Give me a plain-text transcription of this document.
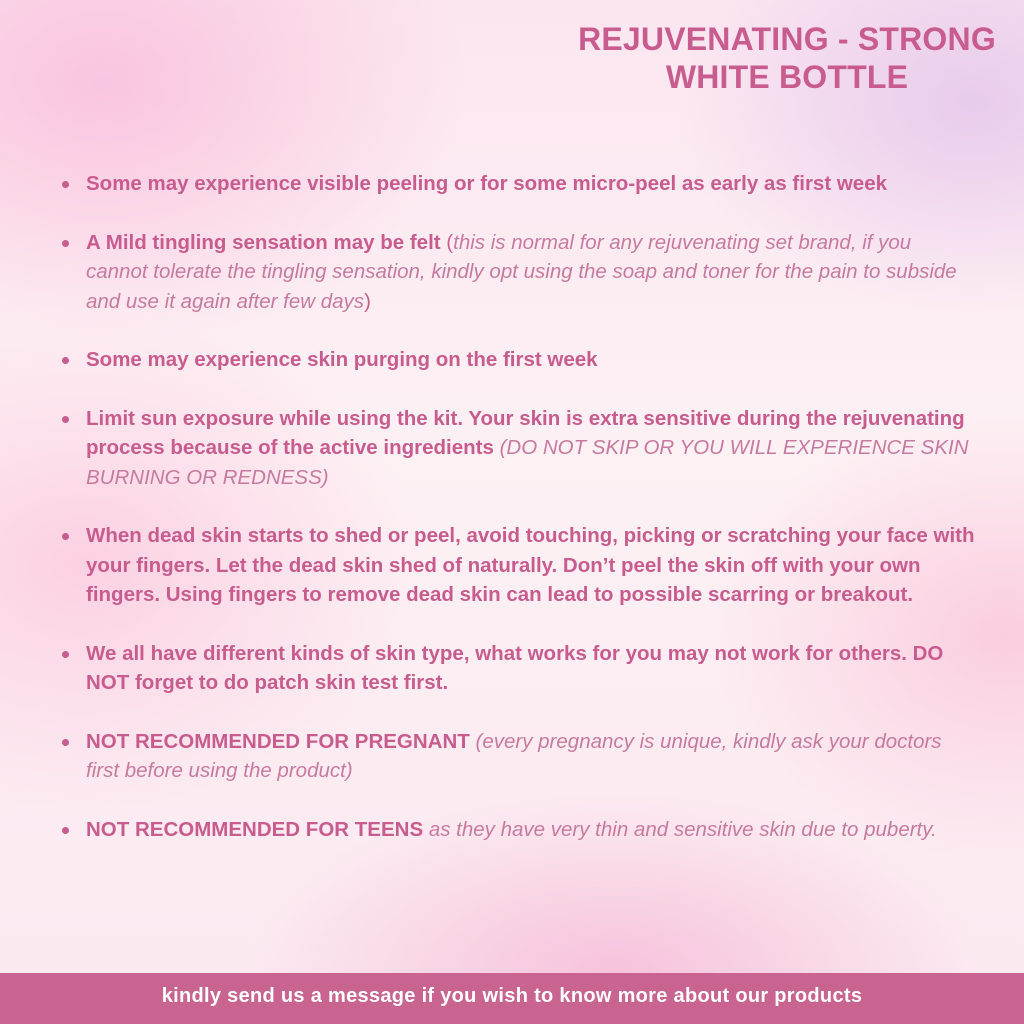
REJUVENATING - STRONG
WHITE BOTTLE
Some may experience visible peeling or for some micro-peel as early as first week
A Mild tingling sensation may be felt (this is normal for any rejuvenating set brand, if you cannot tolerate the tingling sensation, kindly opt using the soap and toner for the pain to subside and use it again after few days)
Some may experience skin purging on the first week
Limit sun exposure while using the kit. Your skin is extra sensitive during the rejuvenating process because of the active ingredients (DO NOT SKIP OR YOU WILL EXPERIENCE SKIN BURNING OR REDNESS)
When dead skin starts to shed or peel, avoid touching, picking or scratching your face with your fingers. Let the dead skin shed of naturally. Don’t peel the skin off with your own fingers. Using fingers to remove dead skin can lead to possible scarring or breakout.
We all have different kinds of skin type, what works for you may not work for others. DO NOT forget to do patch skin test first.
NOT RECOMMENDED FOR PREGNANT (every pregnancy is unique, kindly ask your doctors first before using the product)
NOT RECOMMENDED FOR TEENS as they have very thin and sensitive skin due to puberty.
kindly send us a message if you wish to know more about our products
